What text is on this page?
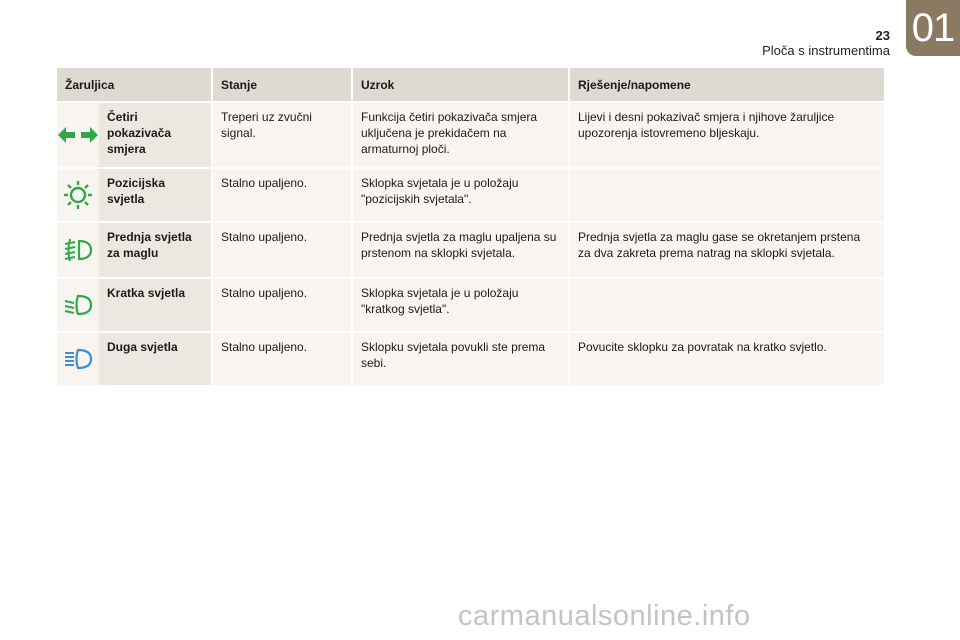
23
Ploča s instrumentima
01
Žaruljica		Stanje	Uzrok	Rješenje/napomene

	Četiri pokazivača smjera	Treperi uz zvučni signal.	Funkcija četiri pokazivača smjera uključena je prekidačem na armaturnoj ploči.	Lijevi i desni pokazivač smjera i njihove žaruljice upozorenja istovremeno bljeskaju.

	Pozicijska svjetla	Stalno upaljeno.	Sklopka svjetala je u položaju "pozicijskih svjetala".	

	Prednja svjetla za maglu	Stalno upaljeno.	Prednja svjetla za maglu upaljena su prstenom na sklopki svjetala.	Prednja svjetla za maglu gase se okretanjem prstena za dva zakreta prema natrag na sklopki svjetala.

	Kratka svjetla	Stalno upaljeno.	Sklopka svjetala je u položaju "kratkog svjetla".	

	Duga svjetla	Stalno upaljeno.	Sklopku svjetala povukli ste prema sebi.	Povucite sklopku za povratak na kratko svjetlo.
carmanualsonline.info
